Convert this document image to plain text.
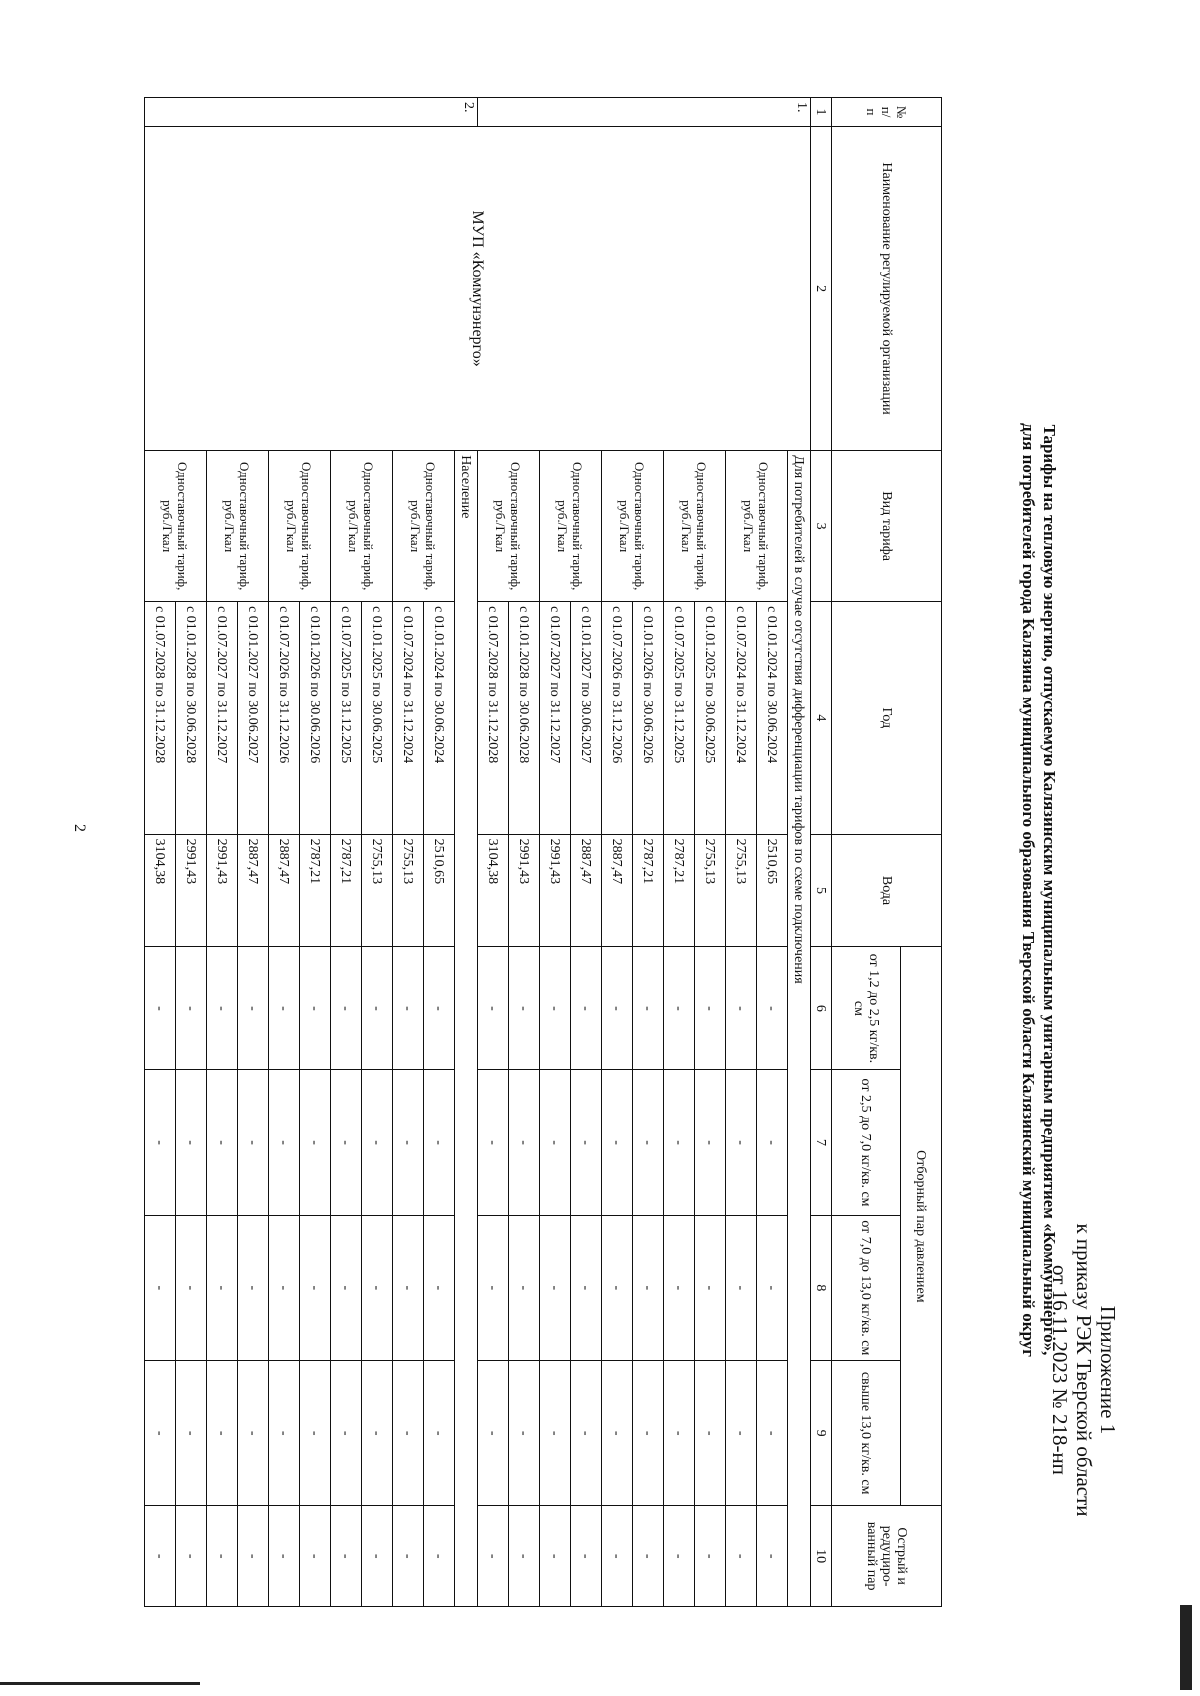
2
Приложение 1
к приказу РЭК Тверской области
от 16.11.2023 № 218-нп
Тарифы на тепловую энергию, отпускаемую Калязинским муниципальным унитарным предприятием «Коммунэнерго»,
для потребителей города Калязина муниципального образования Тверской области Калязинский муниципальный округ
№ п/ п	Наименование регулируемой организации	Вид тарифа	Год	Вода	Отборный пар давлением				Острый и редуциро-ванный пар
					от 1,2 до 2,5 кг/кв. см	от 2,5 до 7,0 кг/кв. см	от 7,0 до 13,0 кг/кв. см	свыше 13,0 кг/кв. см	
1	2	3	4	5	6	7	8	9	10
1.	МУП «Коммунэнерго»	Для потребителей в случае отсутствия дифференциации тарифов по схеме подключения							
		Одноставочный тариф, руб./Гкал	с 01.01.2024 по 30.06.2024	2510,65	-	-	-	-	-
			с 01.07.2024 по 31.12.2024	2755,13	-	-	-	-	-
		Одноставочный тариф, руб./Гкал	с 01.01.2025 по 30.06.2025	2755,13	-	-	-	-	-
			с 01.07.2025 по 31.12.2025	2787,21	-	-	-	-	-
		Одноставочный тариф, руб./Гкал	с 01.01.2026 по 30.06.2026	2787,21	-	-	-	-	-
			с 01.07.2026 по 31.12.2026	2887,47	-	-	-	-	-
		Одноставочный тариф, руб./Гкал	с 01.01.2027 по 30.06.2027	2887,47	-	-	-	-	-
			с 01.07.2027 по 31.12.2027	2991,43	-	-	-	-	-
		Одноставочный тариф, руб./Гкал	с 01.01.2028 по 30.06.2028	2991,43	-	-	-	-	-
			с 01.07.2028 по 31.12.2028	3104,38	-	-	-	-	-
2.		Население							
		Одноставочный тариф, руб./Гкал	с 01.01.2024 по 30.06.2024	2510,65	-	-	-	-	-
			с 01.07.2024 по 31.12.2024	2755,13	-	-	-	-	-
		Одноставочный тариф, руб./Гкал	с 01.01.2025 по 30.06.2025	2755,13	-	-	-	-	-
			с 01.07.2025 по 31.12.2025	2787,21	-	-	-	-	-
		Одноставочный тариф, руб./Гкал	с 01.01.2026 по 30.06.2026	2787,21	-	-	-	-	-
			с 01.07.2026 по 31.12.2026	2887,47	-	-	-	-	-
		Одноставочный тариф, руб./Гкал	с 01.01.2027 по 30.06.2027	2887,47	-	-	-	-	-
			с 01.07.2027 по 31.12.2027	2991,43	-	-	-	-	-
		Одноставочный тариф, руб./Гкал	с 01.01.2028 по 30.06.2028	2991,43	-	-	-	-	-
			с 01.07.2028 по 31.12.2028	3104,38	-	-	-	-	-
